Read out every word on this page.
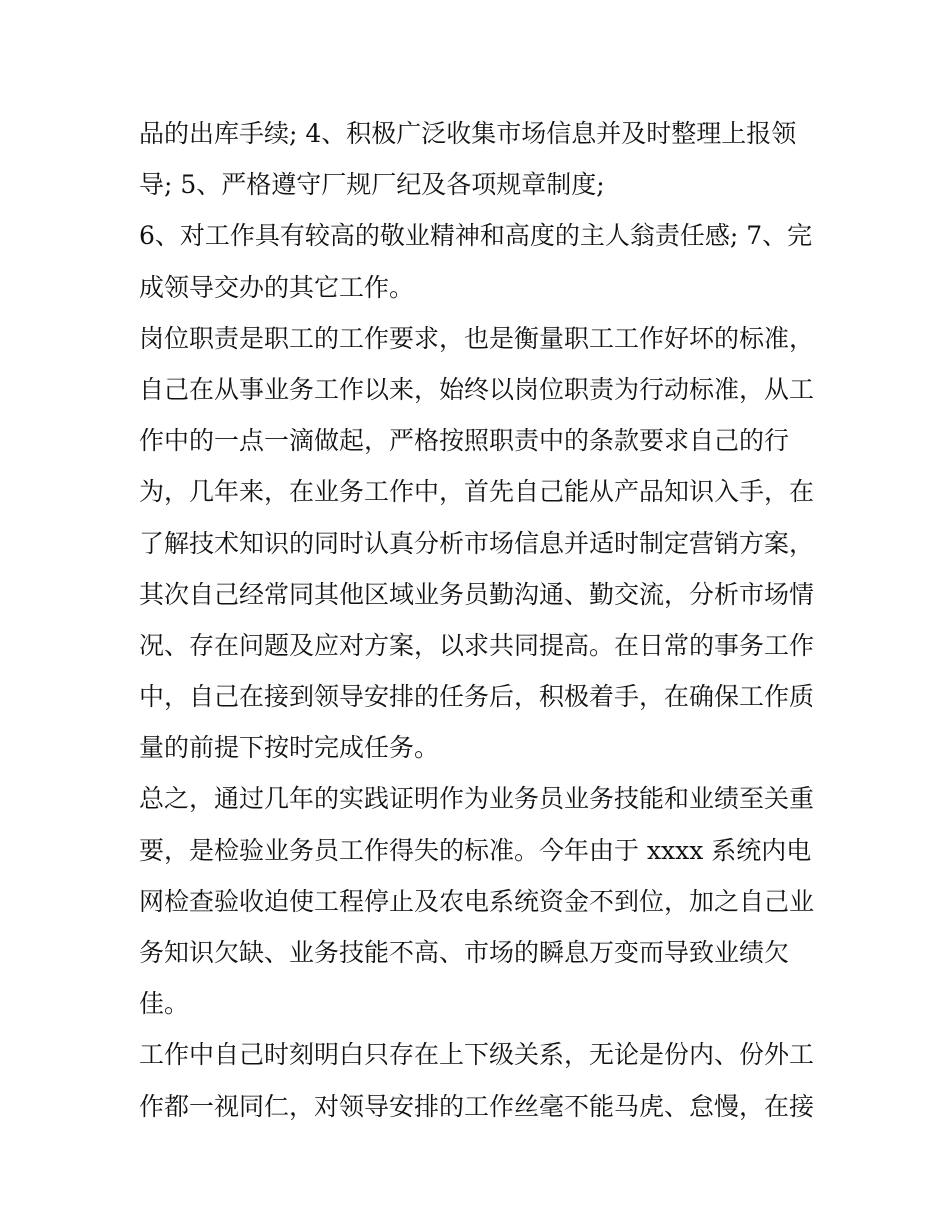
品的出库手续; 4、积极广泛收集市场信息并及时整理上报领
导; 5、严格遵守厂规厂纪及各项规章制度;
6、对工作具有较高的敬业精神和高度的主人翁责任感; 7、完
成领导交办的其它工作。
岗位职责是职工的工作要求，也是衡量职工工作好坏的标准，
自己在从事业务工作以来，始终以岗位职责为行动标准，从工
作中的一点一滴做起，严格按照职责中的条款要求自己的行
为，几年来，在业务工作中，首先自己能从产品知识入手，在
了解技术知识的同时认真分析市场信息并适时制定营销方案，
其次自己经常同其他区域业务员勤沟通、勤交流，分析市场情
况、存在问题及应对方案，以求共同提高。在日常的事务工作
中，自己在接到领导安排的任务后，积极着手，在确保工作质
量的前提下按时完成任务。
总之，通过几年的实践证明作为业务员业务技能和业绩至关重
要，是检验业务员工作得失的标准。今年由于 xxxx 系统内电
网检查验收迫使工程停止及农电系统资金不到位，加之自己业
务知识欠缺、业务技能不高、市场的瞬息万变而导致业绩欠
佳。
工作中自己时刻明白只存在上下级关系，无论是份内、份外工
作都一视同仁，对领导安排的工作丝毫不能马虎、怠慢，在接
